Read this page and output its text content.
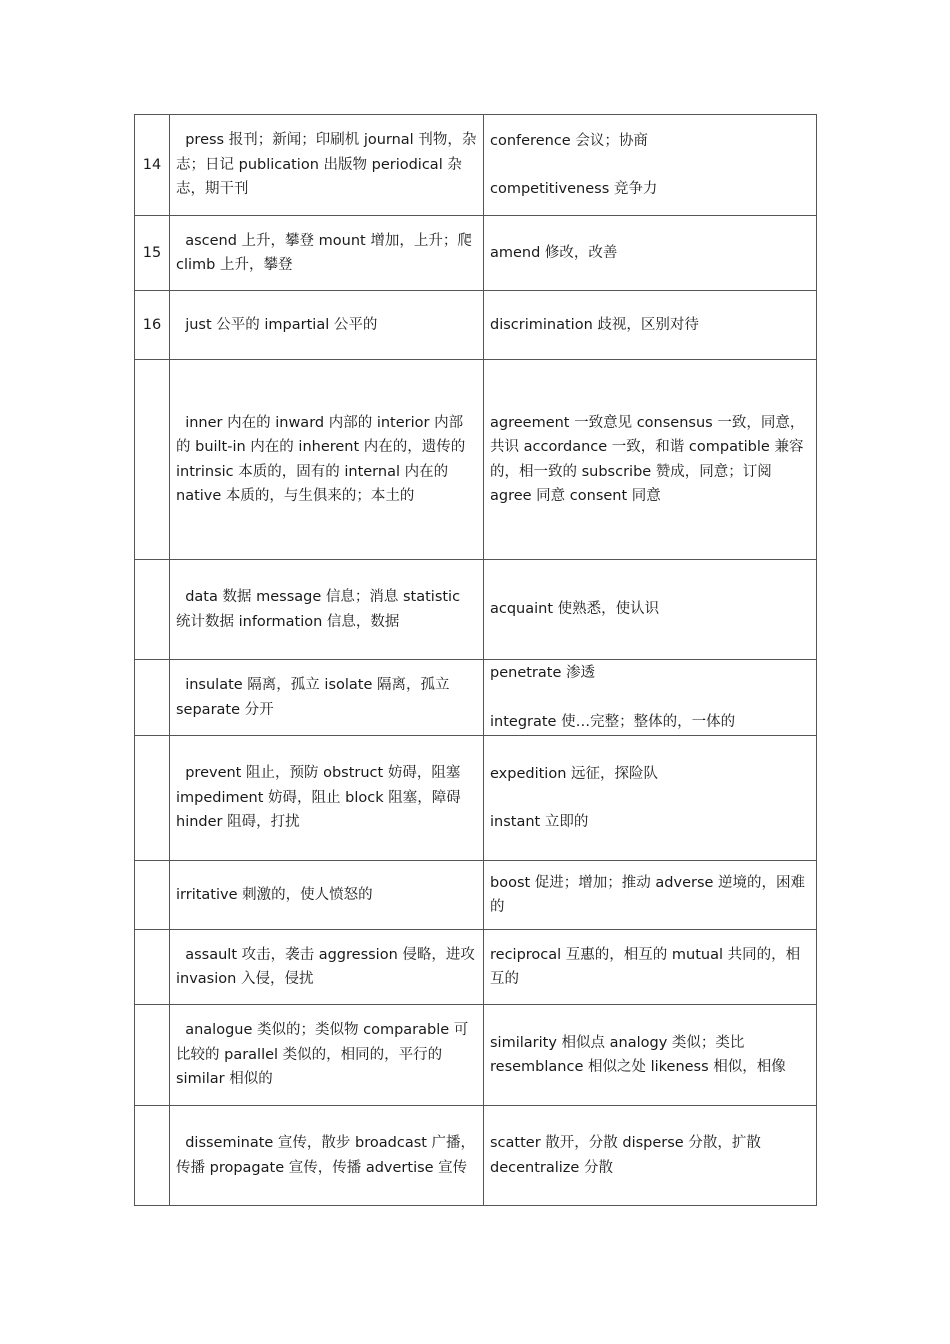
14	press 报刊；新闻；印刷机 journal 刊物，杂志；日记 publication 出版物 periodical 杂志，期干刊	conference 会议；协商
competitiveness 竞争力

15	ascend 上升，攀登 mount 增加，上升；爬 climb 上升，攀登	amend 修改，改善

16	just 公平的 impartial 公平的	discrimination 歧视，区别对待

	inner 内在的 inward 内部的 interior 内部的 built-in 内在的 inherent 内在的，遗传的 intrinsic 本质的，固有的 internal 内在的
native 本质的，与生俱来的；本土的	agreement 一致意见 consensus 一致，同意，共识 accordance 一致，和谐 compatible 兼容的，相一致的 subscribe 赞成，同意；订阅 agree 同意 consent 同意

	data 数据 message 信息；消息 statistic 统计数据 information 信息，数据	acquaint 使熟悉，使认识

	insulate 隔离，孤立 isolate 隔离，孤立 separate 分开	penetrate 渗透
integrate 使…完整；整体的，一体的

	prevent 阻止，预防 obstruct 妨碍，阻塞 impediment 妨碍，阻止 block 阻塞，障碍 hinder 阻碍，打扰	expedition 远征，探险队
instant 立即的

	irritative 刺激的，使人愤怒的	boost 促进；增加；推动 adverse 逆境的，困难的

	assault 攻击，袭击 aggression 侵略，进攻 invasion 入侵，侵扰	reciprocal 互惠的，相互的 mutual 共同的，相互的

	analogue 类似的；类似物 comparable 可比较的 parallel 类似的，相同的，平行的 similar 相似的	similarity 相似点 analogy 类似；类比 resemblance 相似之处 likeness 相似，相像

	disseminate 宣传，散步 broadcast 广播，传播 propagate 宣传，传播 advertise 宣传	scatter 散开，分散 disperse 分散，扩散 decentralize 分散
